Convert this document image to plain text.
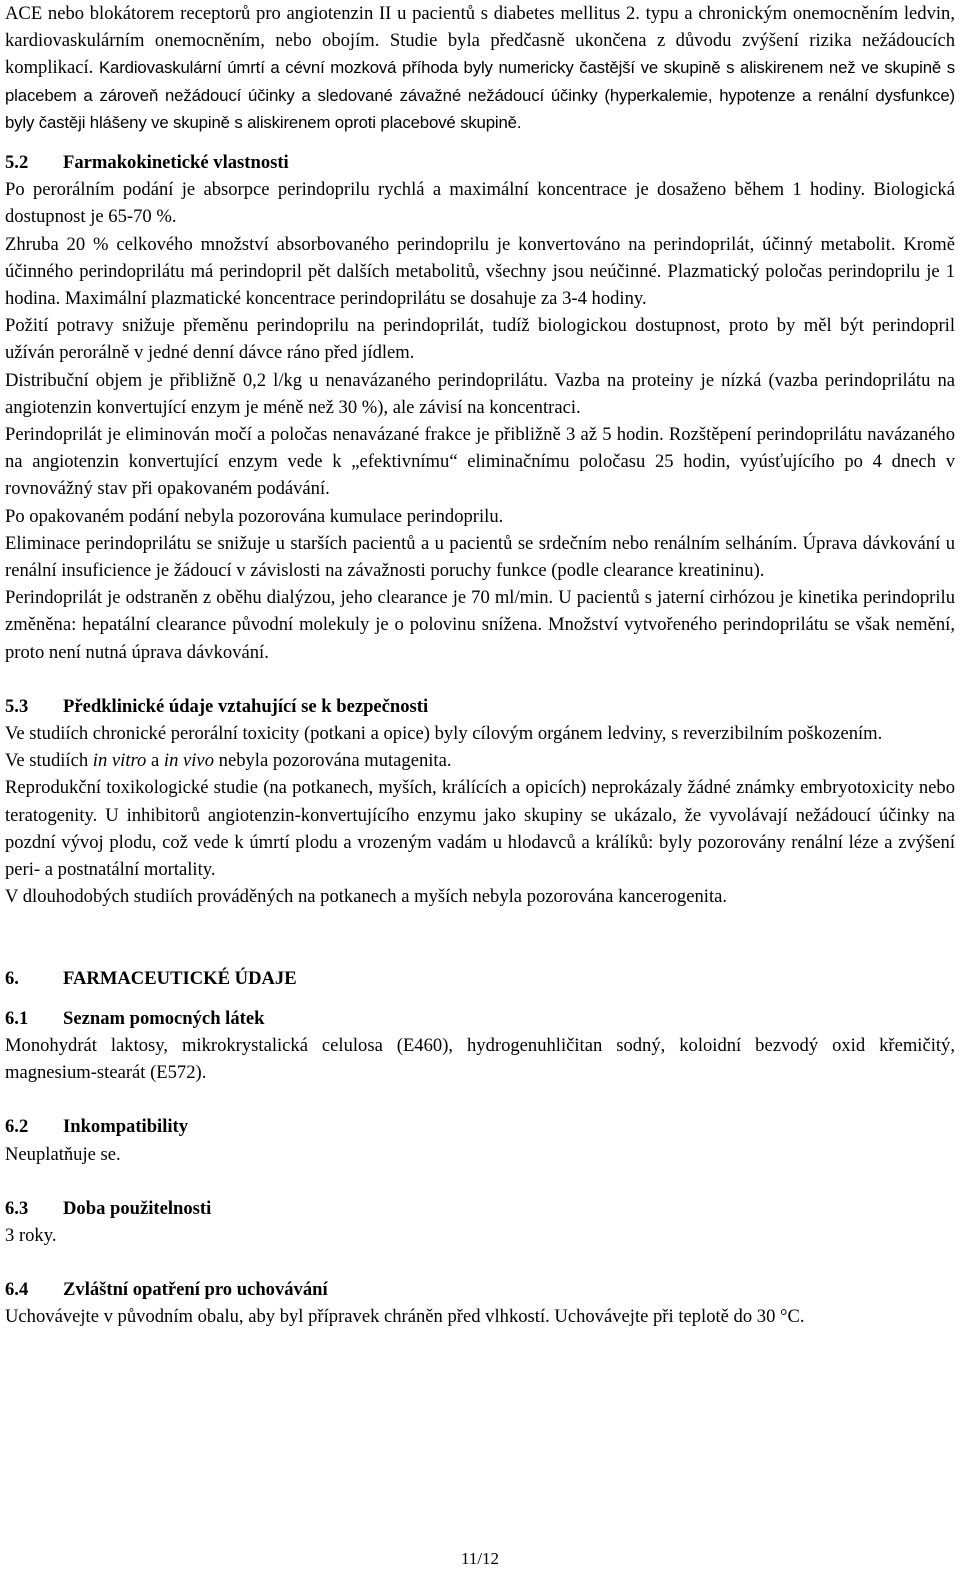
ACE nebo blokátorem receptorů pro angiotenzin II u pacientů s diabetes mellitus 2. typu a chronickým onemocněním ledvin, kardiovaskulárním onemocněním, nebo obojím. Studie byla předčasně ukončena z důvodu zvýšení rizika nežádoucích komplikací. Kardiovaskulární úmrtí a cévní mozková příhoda byly numericky častější ve skupině s aliskirenem než ve skupině s placebem a zároveň nežádoucí účinky a sledované závažné nežádoucí účinky (hyperkalemie, hypotenze a renální dysfunkce) byly častěji hlášeny ve skupině s aliskirenem oproti placebové skupině.

5.2 Farmakokinetické vlastnosti

Po perorálním podání je absorpce perindoprilu rychlá a maximální koncentrace je dosaženo během 1 hodiny. Biologická dostupnost je 65-70 %.

Zhruba 20 % celkového množství absorbovaného perindoprilu je konvertováno na perindoprilát, účinný metabolit. Kromě účinného perindoprilátu má perindopril pět dalších metabolitů, všechny jsou neúčinné. Plazmatický poločas perindoprilu je 1 hodina. Maximální plazmatické koncentrace perindoprilátu se dosahuje za 3-4 hodiny.

Požití potravy snižuje přeměnu perindoprilu na perindoprilát, tudíž biologickou dostupnost, proto by měl být perindopril užíván perorálně v jedné denní dávce ráno před jídlem.

Distribuční objem je přibližně 0,2 l/kg u nenavázaného perindoprilátu. Vazba na proteiny je nízká (vazba perindoprilátu na angiotenzin konvertující enzym je méně než 30 %), ale závisí na koncentraci.

Perindoprilát je eliminován močí a poločas nenavázané frakce je přibližně 3 až 5 hodin. Rozštěpení perindoprilátu navázaného na angiotenzin konvertující enzym vede k „efektivnímu“ eliminačnímu poločasu 25 hodin, vyúsťujícího po 4 dnech v rovnovážný stav při opakovaném podávání.

Po opakovaném podání nebyla pozorována kumulace perindoprilu.

Eliminace perindoprilátu se snižuje u starších pacientů a u pacientů se srdečním nebo renálním selháním. Úprava dávkování u renální insuficience je žádoucí v závislosti na závažnosti poruchy funkce (podle clearance kreatininu).

Perindoprilát je odstraněn z oběhu dialýzou, jeho clearance je 70 ml/min. U pacientů s jaterní cirhózou je kinetika perindoprilu změněna: hepatální clearance původní molekuly je o polovinu snížena. Množství vytvořeného perindoprilátu se však nemění, proto není nutná úprava dávkování.

5.3 Předklinické údaje vztahující se k bezpečnosti

Ve studiích chronické perorální toxicity (potkani a opice) byly cílovým orgánem ledviny, s reverzibilním poškozením.

Ve studiích in vitro a in vivo nebyla pozorována mutagenita.

Reprodukční toxikologické studie (na potkanech, myších, králících a opicích) neprokázaly žádné známky embryotoxicity nebo teratogenity. U inhibitorů angiotenzin-konvertujícího enzymu jako skupiny se ukázalo, že vyvolávají nežádoucí účinky na pozdní vývoj plodu, což vede k úmrtí plodu a vrozeným vadám u hlodavců a králíků: byly pozorovány renální léze a zvýšení peri- a postnatální mortality.

V dlouhodobých studiích prováděných na potkanech a myších nebyla pozorována kancerogenita.

6. FARMACEUTICKÉ ÚDAJE
6.1 Seznam pomocných látek

Monohydrát laktosy, mikrokrystalická celulosa (E460), hydrogenuhličitan sodný, koloidní bezvodý oxid křemičitý, magnesium-stearát (E572).

6.2 Inkompatibility

Neuplatňuje se.

6.3 Doba použitelnosti

3 roky.

6.4 Zvláštní opatření pro uchovávání

Uchovávejte v původním obalu, aby byl přípravek chráněn před vlhkostí. Uchovávejte při teplotě do 30 °C.

11/12
